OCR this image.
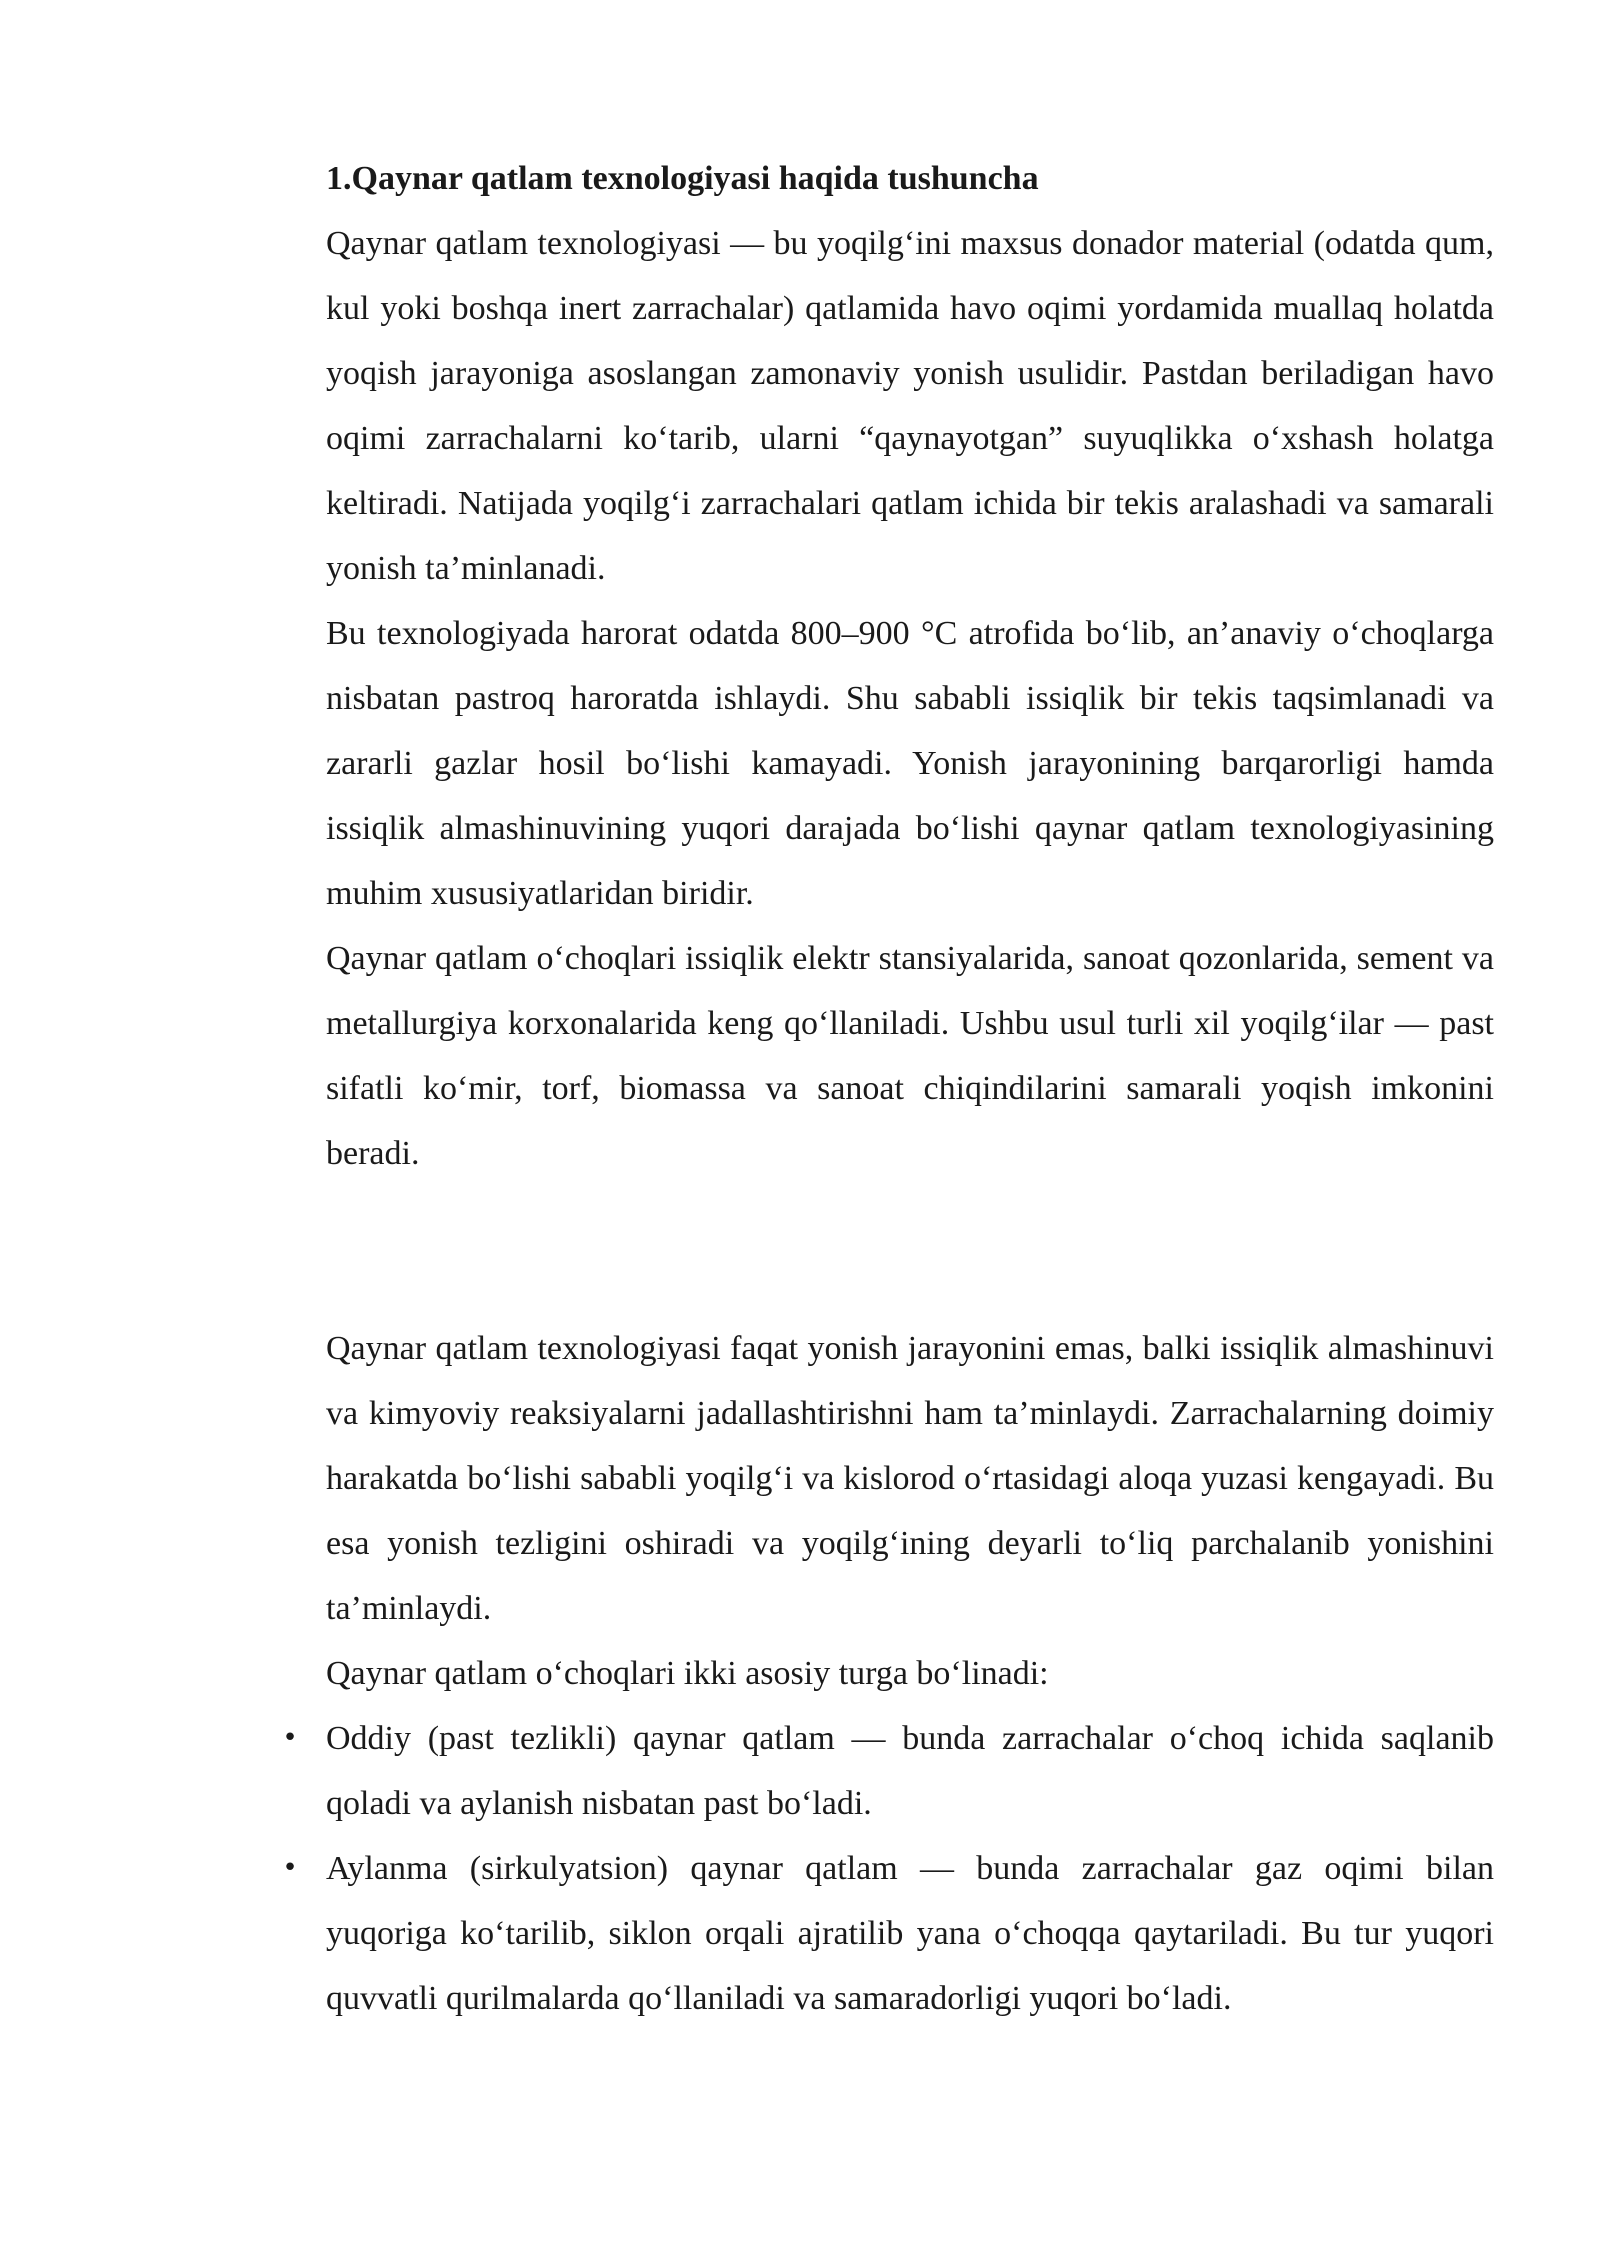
1.Qaynar qatlam texnologiyasi haqida tushuncha

Qaynar qatlam texnologiyasi — bu yoqilg‘ini maxsus donador material (odatda qum, kul yoki boshqa inert zarrachalar) qatlamida havo oqimi yordamida muallaq holatda yoqish jarayoniga asoslangan zamonaviy yonish usulidir. Pastdan beriladigan havo oqimi zarrachalarni ko‘tarib, ularni “qaynayotgan” suyuqlikka o‘xshash holatga keltiradi. Natijada yoqilg‘i zarrachalari qatlam ichida bir tekis aralashadi va samarali yonish ta’minlanadi.

Bu texnologiyada harorat odatda 800–900 °C atrofida bo‘lib, an’anaviy o‘choqlarga nisbatan pastroq haroratda ishlaydi. Shu sababli issiqlik bir tekis taqsimlanadi va zararli gazlar hosil bo‘lishi kamayadi. Yonish jarayonining barqarorligi hamda issiqlik almashinuvining yuqori darajada bo‘lishi qaynar qatlam texnologiyasining muhim xususiyatlaridan biridir.

Qaynar qatlam o‘choqlari issiqlik elektr stansiyalarida, sanoat qozonlarida, sement va metallurgiya korxonalarida keng qo‘llaniladi. Ushbu usul turli xil yoqilg‘ilar — past sifatli ko‘mir, torf, biomassa va sanoat chiqindilarini samarali yoqish imkonini beradi.

Qaynar qatlam texnologiyasi faqat yonish jarayonini emas, balki issiqlik almashinuvi va kimyoviy reaksiyalarni jadallashtirishni ham ta’minlaydi. Zarrachalarning doimiy harakatda bo‘lishi sababli yoqilg‘i va kislorod o‘rtasidagi aloqa yuzasi kengayadi. Bu esa yonish tezligini oshiradi va yoqilg‘ining deyarli to‘liq parchalanib yonishini ta’minlaydi.

Qaynar qatlam o‘choqlari ikki asosiy turga bo‘linadi:

• Oddiy (past tezlikli) qaynar qatlam — bunda zarrachalar o‘choq ichida saqlanib qoladi va aylanish nisbatan past bo‘ladi.
• Aylanma (sirkulyatsion) qaynar qatlam — bunda zarrachalar gaz oqimi bilan yuqoriga ko‘tarilib, siklon orqali ajratilib yana o‘choqqa qaytariladi. Bu tur yuqori quvvatli qurilmalarda qo‘llaniladi va samaradorligi yuqori bo‘ladi.
